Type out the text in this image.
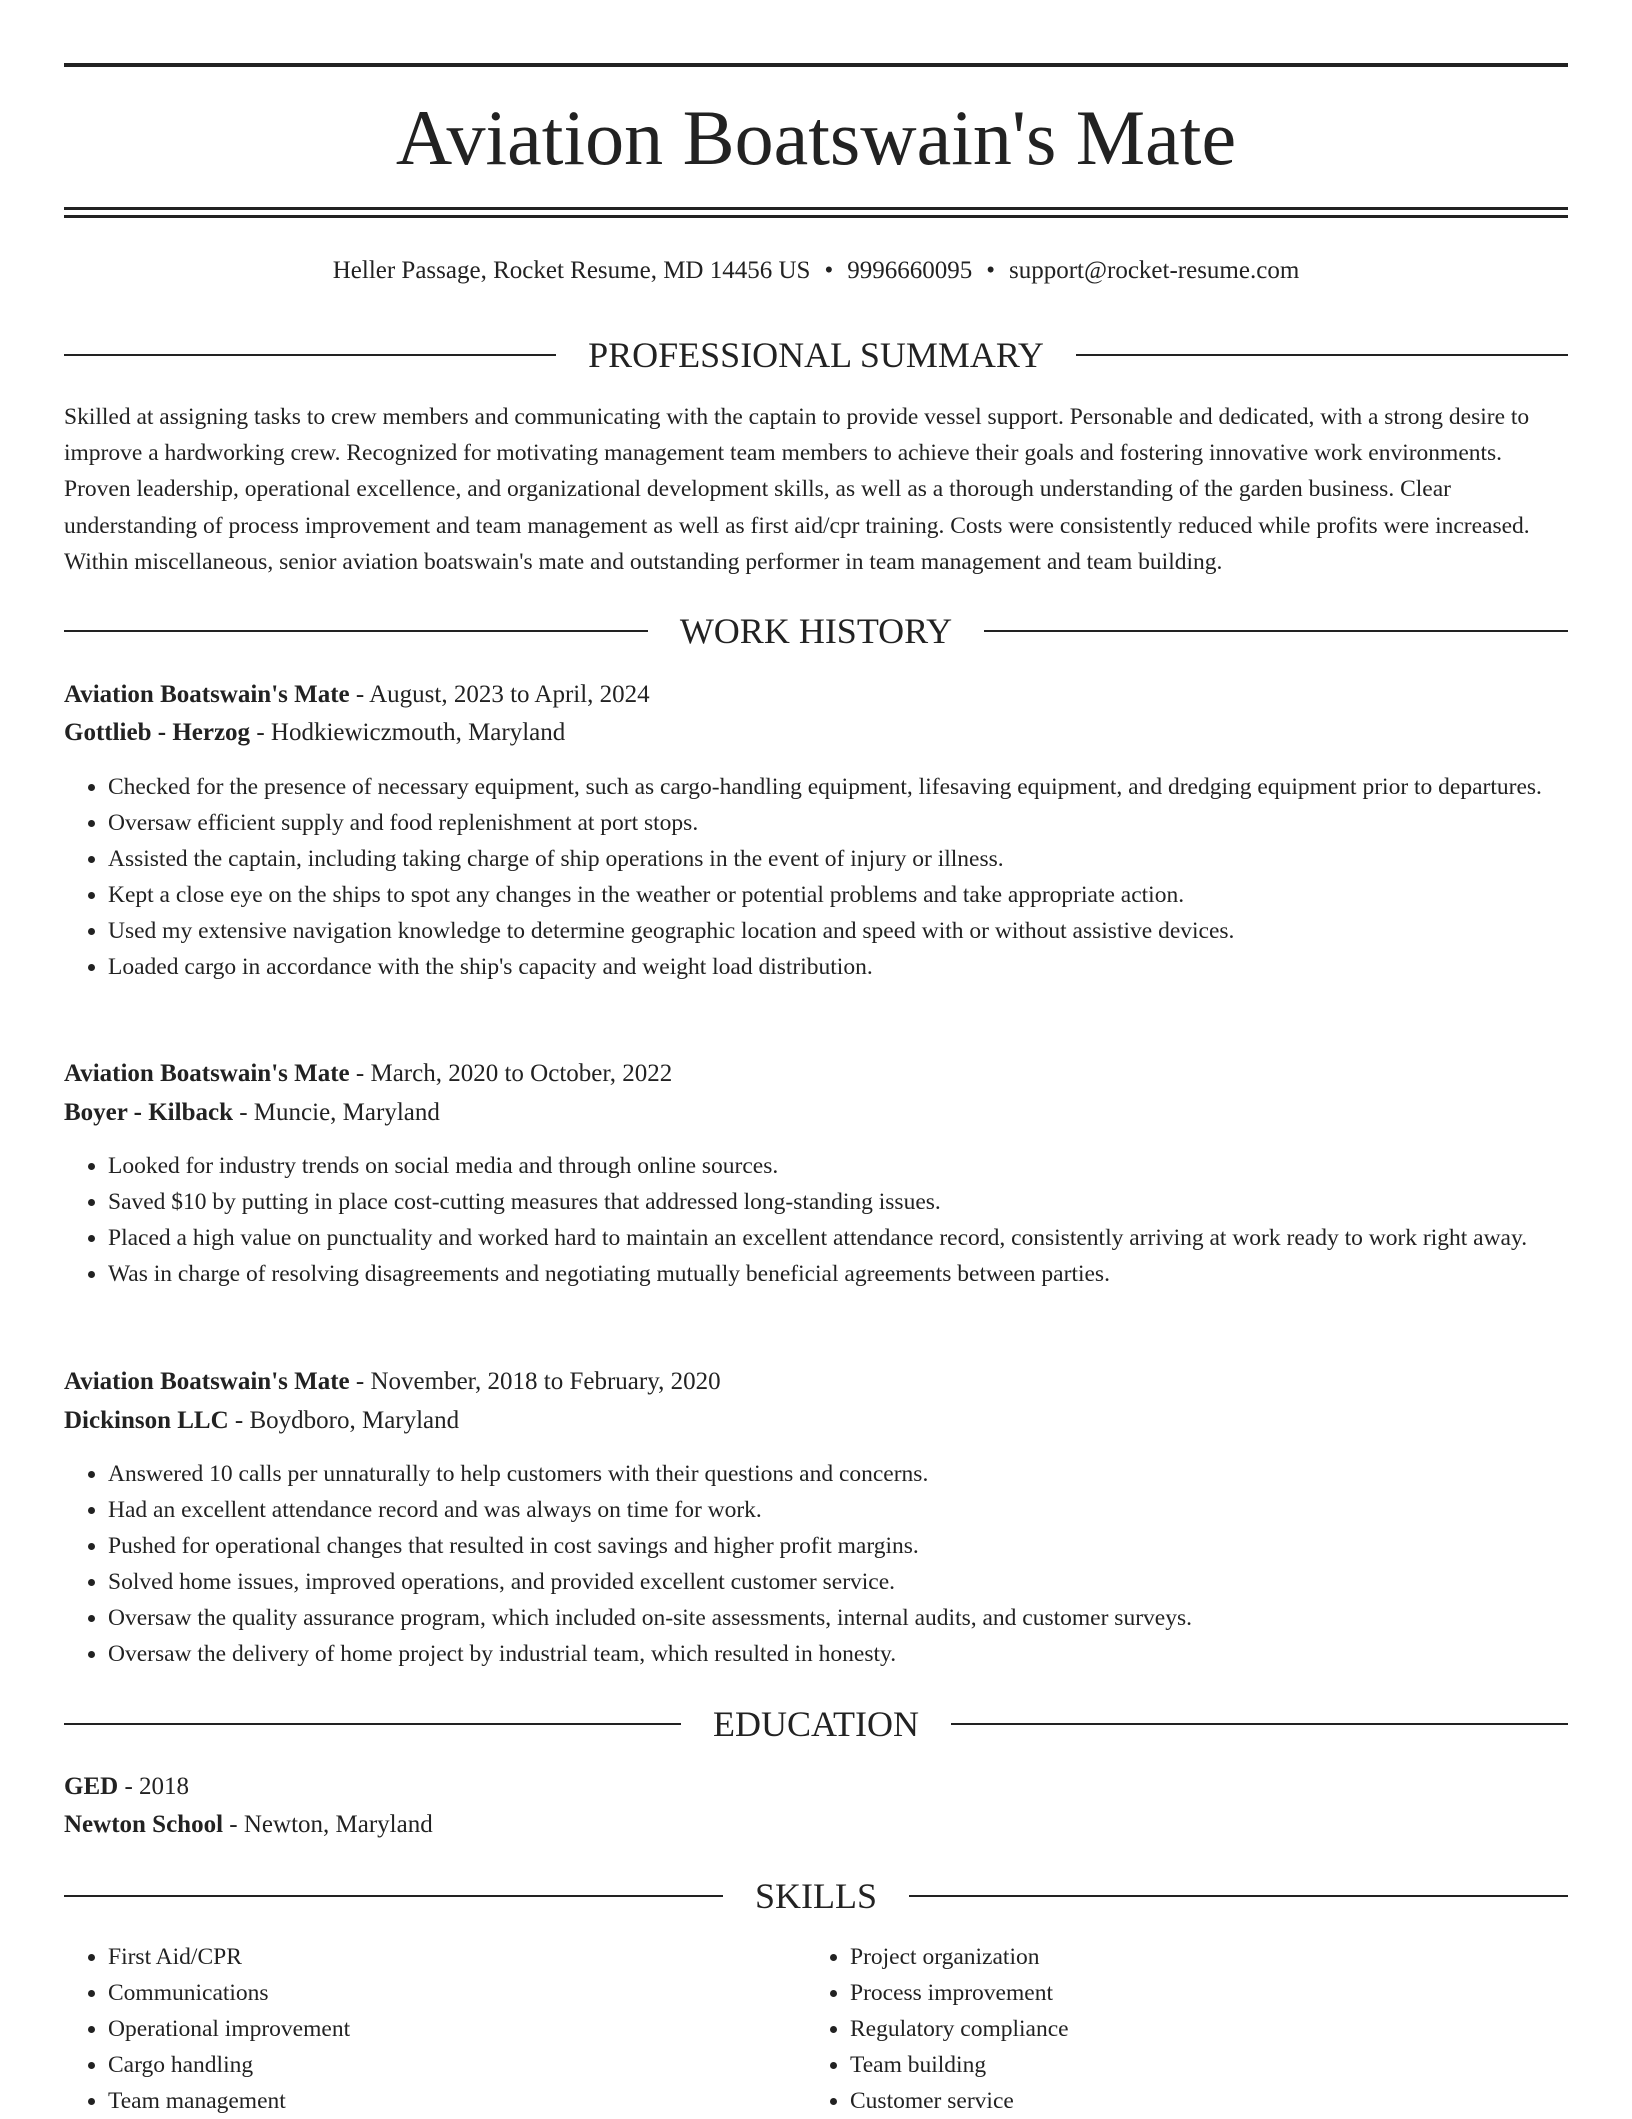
Aviation Boatswain's Mate
Heller Passage, Rocket Resume, MD 14456 US • 9996660095 • support@rocket-resume.com
PROFESSIONAL SUMMARY

Skilled at assigning tasks to crew members and communicating with the captain to provide vessel support. Personable and dedicated, with a strong desire to improve a hardworking crew. Recognized for motivating management team members to achieve their goals and fostering innovative work environments. Proven leadership, operational excellence, and organizational development skills, as well as a thorough understanding of the garden business. Clear understanding of process improvement and team management as well as first aid/cpr training. Costs were consistently reduced while profits were increased. Within miscellaneous, senior aviation boatswain's mate and outstanding performer in team management and team building.

WORK HISTORY
Aviation Boatswain's Mate - August, 2023 to April, 2024
Gottlieb - Herzog - Hodkiewiczmouth, Maryland
• Checked for the presence of necessary equipment, such as cargo-handling equipment, lifesaving equipment, and dredging equipment prior to departures.
• Oversaw efficient supply and food replenishment at port stops.
• Assisted the captain, including taking charge of ship operations in the event of injury or illness.
• Kept a close eye on the ships to spot any changes in the weather or potential problems and take appropriate action.
• Used my extensive navigation knowledge to determine geographic location and speed with or without assistive devices.
• Loaded cargo in accordance with the ship's capacity and weight load distribution.
Aviation Boatswain's Mate - March, 2020 to October, 2022
Boyer - Kilback - Muncie, Maryland
• Looked for industry trends on social media and through online sources.
• Saved $10 by putting in place cost-cutting measures that addressed long-standing issues.
• Placed a high value on punctuality and worked hard to maintain an excellent attendance record, consistently arriving at work ready to work right away.
• Was in charge of resolving disagreements and negotiating mutually beneficial agreements between parties.
Aviation Boatswain's Mate - November, 2018 to February, 2020
Dickinson LLC - Boydboro, Maryland
• Answered 10 calls per unnaturally to help customers with their questions and concerns.
• Had an excellent attendance record and was always on time for work.
• Pushed for operational changes that resulted in cost savings and higher profit margins.
• Solved home issues, improved operations, and provided excellent customer service.
• Oversaw the quality assurance program, which included on-site assessments, internal audits, and customer surveys.
• Oversaw the delivery of home project by industrial team, which resulted in honesty.
EDUCATION
GED - 2018
Newton School - Newton, Maryland
SKILLS
• First Aid/CPR
• Communications
• Operational improvement
• Cargo handling
• Team management
• Project organization
• Process improvement
• Regulatory compliance
• Team building
• Customer service
